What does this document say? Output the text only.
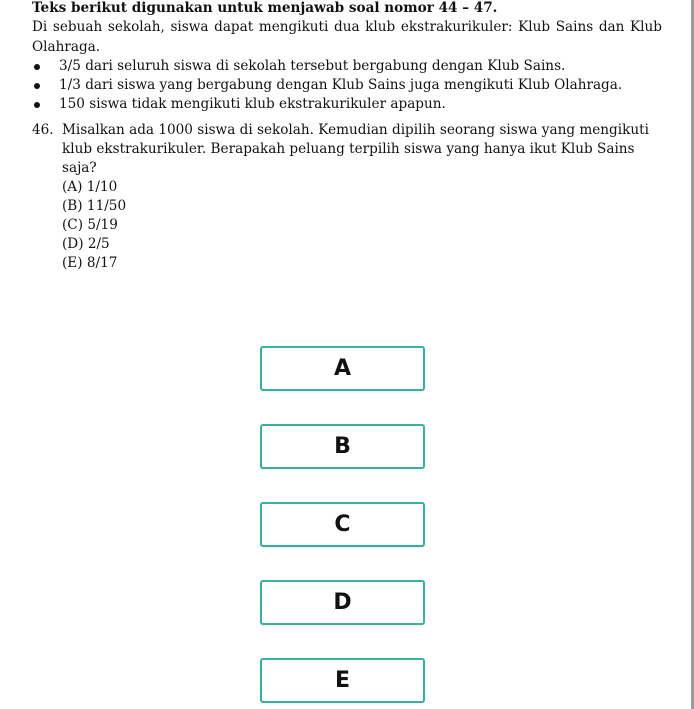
Teks berikut digunakan untuk menjawab soal nomor 44 – 47.

Di sebuah sekolah, siswa dapat mengikuti dua klub ekstrakurikuler: Klub Sains dan Klub Olahraga.

3/5 dari seluruh siswa di sekolah tersebut bergabung dengan Klub Sains.
1/3 dari siswa yang bergabung dengan Klub Sains juga mengikuti Klub Olahraga.
150 siswa tidak mengikuti klub ekstrakurikuler apapun.
46. Misalkan ada 1000 siswa di sekolah. Kemudian dipilih seorang siswa yang mengikuti klub ekstrakurikuler. Berapakah peluang terpilih siswa yang hanya ikut Klub Sains saja?
(A) 1/10
(B) 11/50
(C) 5/19
(D) 2/5
(E) 8/17
A
B
C
D
E
